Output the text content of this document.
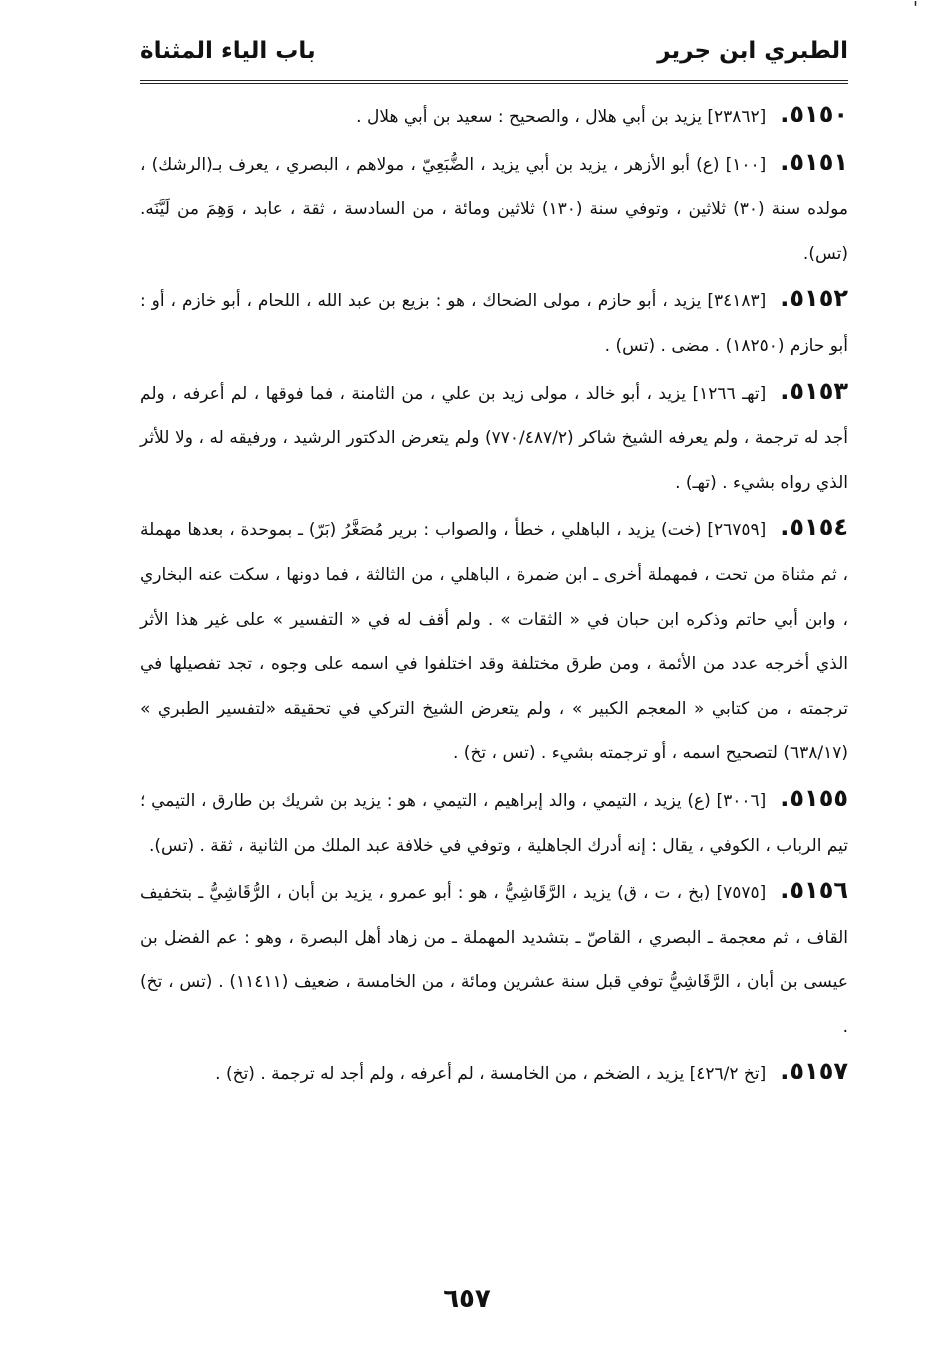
'
الطبري ابن جرير
باب الياء المثناة

٥١٥٠.[٢٣٨٦٢] يزيد بن أبي هلال ، والصحيح : سعيد بن أبي هلال .

٥١٥١.[١٠٠] (ع) أبو الأزهر ، يزيد بن أبي يزيد ، الضُّبَعِيّ ، مولاهم ، البصري ، يعرف بـ(الرشك) ، مولده سنة (٣٠) ثلاثين ، وتوفي سنة (١٣٠) ثلاثين ومائة ، من السادسة ، ثقة ، عابد ، وَهِمَ من لَيَّنَه. (تس).

٥١٥٢.[٣٤١٨٣] يزيد ، أبو حازم ، مولى الضحاك ، هو : بزيع بن عبد الله ، اللحام ، أبو خازم ، أو : أبو حازم (١٨٢٥٠) . مضى . (تس) .

٥١٥٣.[تهـ ١٢٦٦] يزيد ، أبو خالد ، مولى زيد بن علي ، من الثامنة ، فما فوقها ، لم أعرفه ، ولم أجد له ترجمة ، ولم يعرفه الشيخ شاكر (٧٧٠/٤٨٧/٢) ولم يتعرض الدكتور الرشيد ، ورفيقه له ، ولا للأثر الذي رواه بشيء . (تهـ) .

٥١٥٤.[٢٦٧٥٩] (خت) يزيد ، الباهلي ، خطأ ، والصواب : برير مُصَغَّرُ (بَرّ) ـ بموحدة ، بعدها مهملة ، ثم مثناة من تحت ، فمهملة أخرى ـ ابن ضمرة ، الباهلي ، من الثالثة ، فما دونها ، سكت عنه البخاري ، وابن أبي حاتم وذكره ابن حبان في « الثقات » . ولم أقف له في « التفسير » على غير هذا الأثر الذي أخرجه عدد من الأئمة ، ومن طرق مختلفة وقد اختلفوا في اسمه على وجوه ، تجد تفصيلها في ترجمته ، من كتابي « المعجم الكبير » ، ولم يتعرض الشيخ التركي في تحقيقه «لتفسير الطبري » (٦٣٨/١٧) لتصحيح اسمه ، أو ترجمته بشيء . (تس ، تخ) .

٥١٥٥.[٣٠٠٦] (ع) يزيد ، التيمي ، والد إبراهيم ، التيمي ، هو : يزيد بن شريك بن طارق ، التيمي ؛ تيم الرباب ، الكوفي ، يقال : إنه أدرك الجاهلية ، وتوفي في خلافة عبد الملك من الثانية ، ثقة . (تس).

٥١٥٦.[٧٥٧٥] (بخ ، ت ، ق) يزيد ، الرَّقَاشِيُّ ، هو : أبو عمرو ، يزيد بن أبان ، الرُّقَاشِيُّ ـ بتخفيف القاف ، ثم معجمة ـ البصري ، القاصّ ـ بتشديد المهملة ـ من زهاد أهل البصرة ، وهو : عم الفضل بن عيسى بن أبان ، الرَّقَاشِيُّ توفي قبل سنة عشرين ومائة ، من الخامسة ، ضعيف (١١٤١١) . (تس ، تخ) .

٥١٥٧.[تخ ٤٢٦/٢] يزيد ، الضخم ، من الخامسة ، لم أعرفه ، ولم أجد له ترجمة . (تخ) .

٦٥٧
